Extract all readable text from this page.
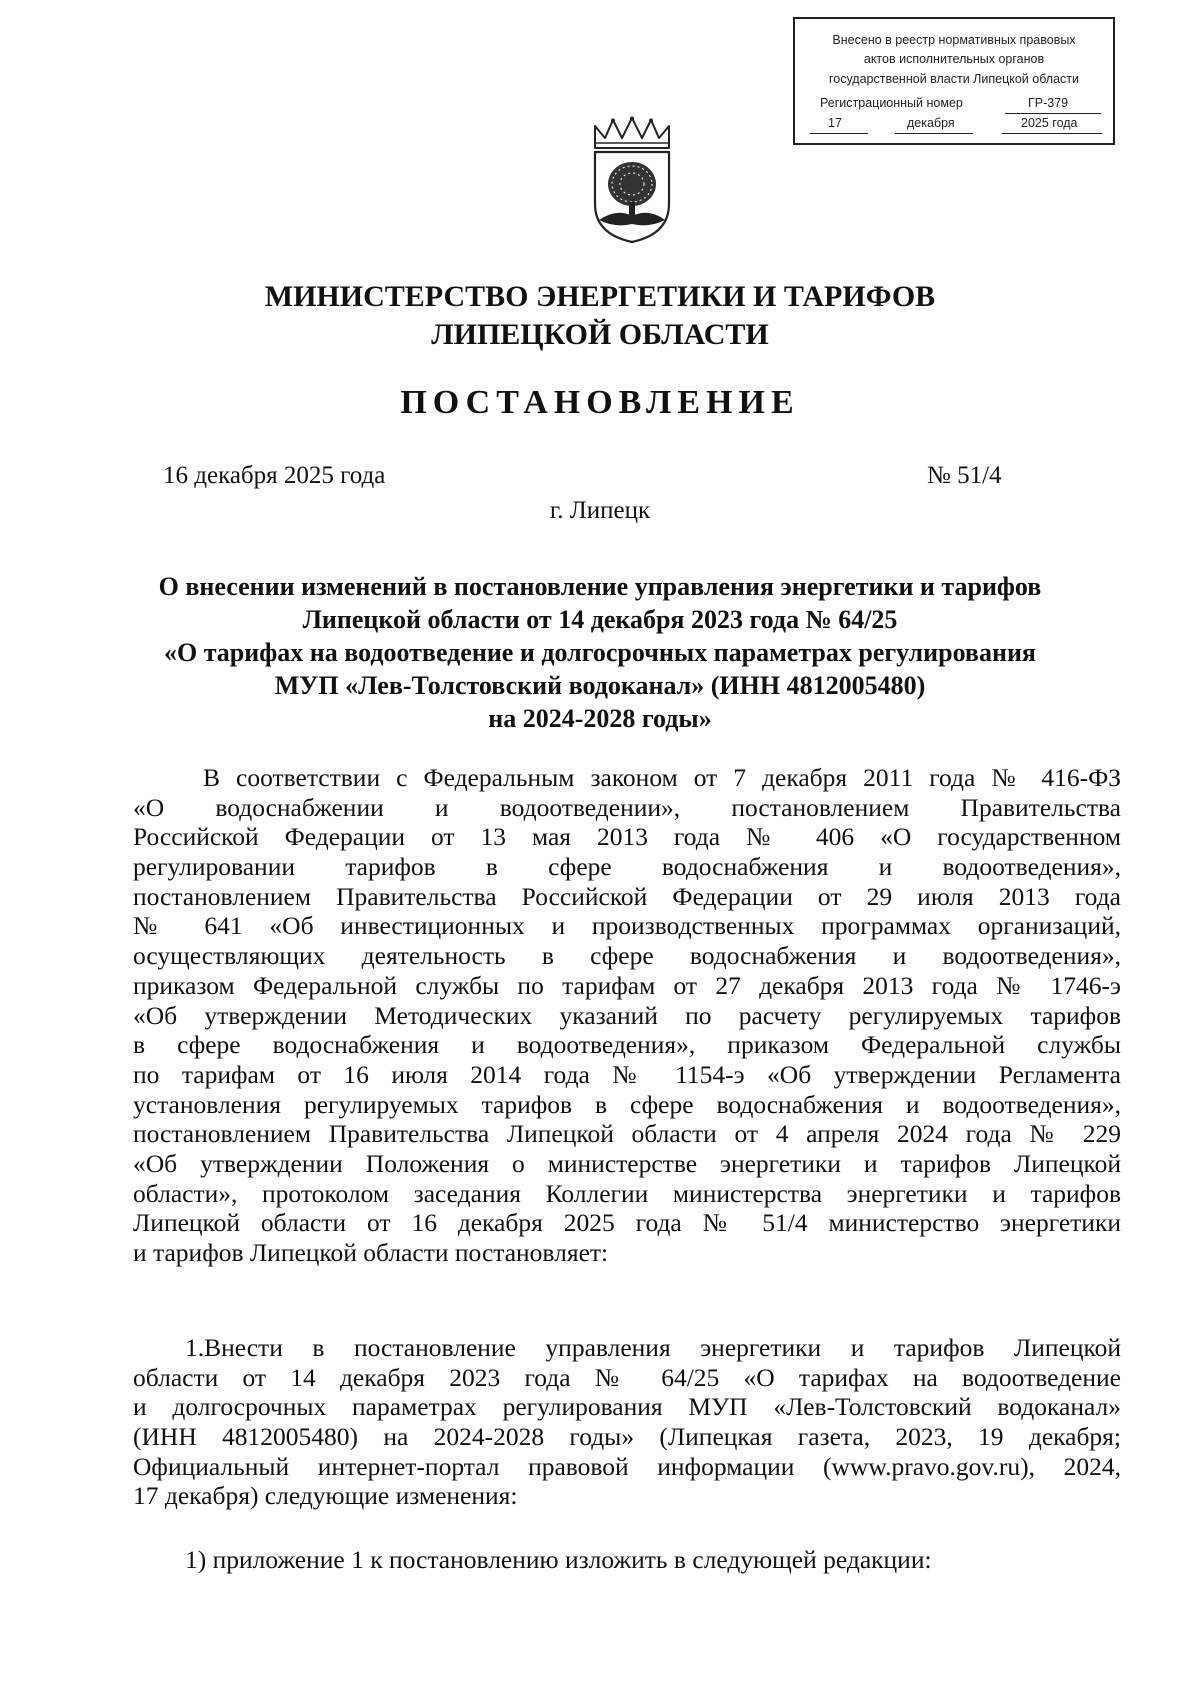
Внесено в реестр нормативных правовых
актов исполнительных органов
государственной власти Липецкой области
Регистрационный номер	ГР-379
17	декабря	2025 года
МИНИСТЕРСТВО ЭНЕРГЕТИКИ И ТАРИФОВ
ЛИПЕЦКОЙ ОБЛАСТИ
ПОСТАНОВЛЕНИЕ
16 декабря 2025 года	№ 51/4
г. Липецк
О внесении изменений в постановление управления энергетики и тарифов
Липецкой области от 14 декабря 2023 года № 64/25
«О тарифах на водоотведение и долгосрочных параметрах регулирования
МУП «Лев-Толстовский водоканал» (ИНН 4812005480)
на 2024-2028 годы»
В соответствии с Федеральным законом от 7 декабря 2011 года № 416-ФЗ
«О водоснабжении и водоотведении», постановлением Правительства
Российской Федерации от 13 мая 2013 года № 406 «О государственном
регулировании тарифов в сфере водоснабжения и водоотведения»,
постановлением Правительства Российской Федерации от 29 июля 2013 года
№ 641 «Об инвестиционных и производственных программах организаций,
осуществляющих деятельность в сфере водоснабжения и водоотведения»,
приказом Федеральной службы по тарифам от 27 декабря 2013 года № 1746-э
«Об утверждении Методических указаний по расчету регулируемых тарифов
в сфере водоснабжения и водоотведения», приказом Федеральной службы
по тарифам от 16 июля 2014 года № 1154-э «Об утверждении Регламента
установления регулируемых тарифов в сфере водоснабжения и водоотведения»,
постановлением Правительства Липецкой области от 4 апреля 2024 года № 229
«Об утверждении Положения о министерстве энергетики и тарифов Липецкой
области», протоколом заседания Коллегии министерства энергетики и тарифов
Липецкой области от 16 декабря 2025 года № 51/4 министерство энергетики
и тарифов Липецкой области постановляет:
1.Внести в постановление управления энергетики и тарифов Липецкой
области от 14 декабря 2023 года № 64/25 «О тарифах на водоотведение
и долгосрочных параметрах регулирования МУП «Лев-Толстовский водоканал»
(ИНН 4812005480) на 2024-2028 годы» (Липецкая газета, 2023, 19 декабря;
Официальный интернет-портал правовой информации (www.pravo.gov.ru), 2024,
17 декабря) следующие изменения:
1) приложение 1 к постановлению изложить в следующей редакции:
